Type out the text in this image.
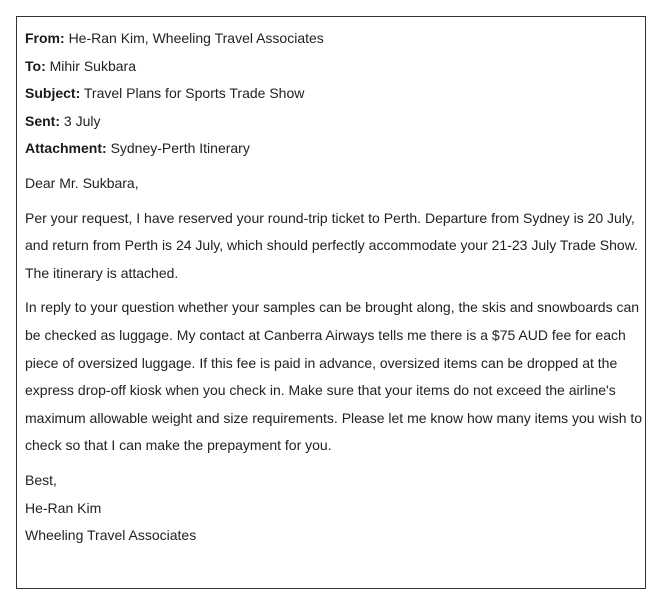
From: He-Ran Kim, Wheeling Travel Associates
To: Mihir Sukbara
Subject: Travel Plans for Sports Trade Show
Sent: 3 July
Attachment: Sydney-Perth Itinerary

Dear Mr. Sukbara,

Per your request, I have reserved your round-trip ticket to Perth. Departure from Sydney is 20 July, and return from Perth is 24 July, which should perfectly accommodate your 21-23 July Trade Show. The itinerary is attached.

In reply to your question whether your samples can be brought along, the skis and snowboards can be checked as luggage. My contact at Canberra Airways tells me there is a $75 AUD fee for each piece of oversized luggage. If this fee is paid in advance, oversized items can be dropped at the express drop-off kiosk when you check in. Make sure that your items do not exceed the airline's maximum allowable weight and size requirements. Please let me know how many items you wish to check so that I can make the prepayment for you.

Best,
He-Ran Kim
Wheeling Travel Associates
